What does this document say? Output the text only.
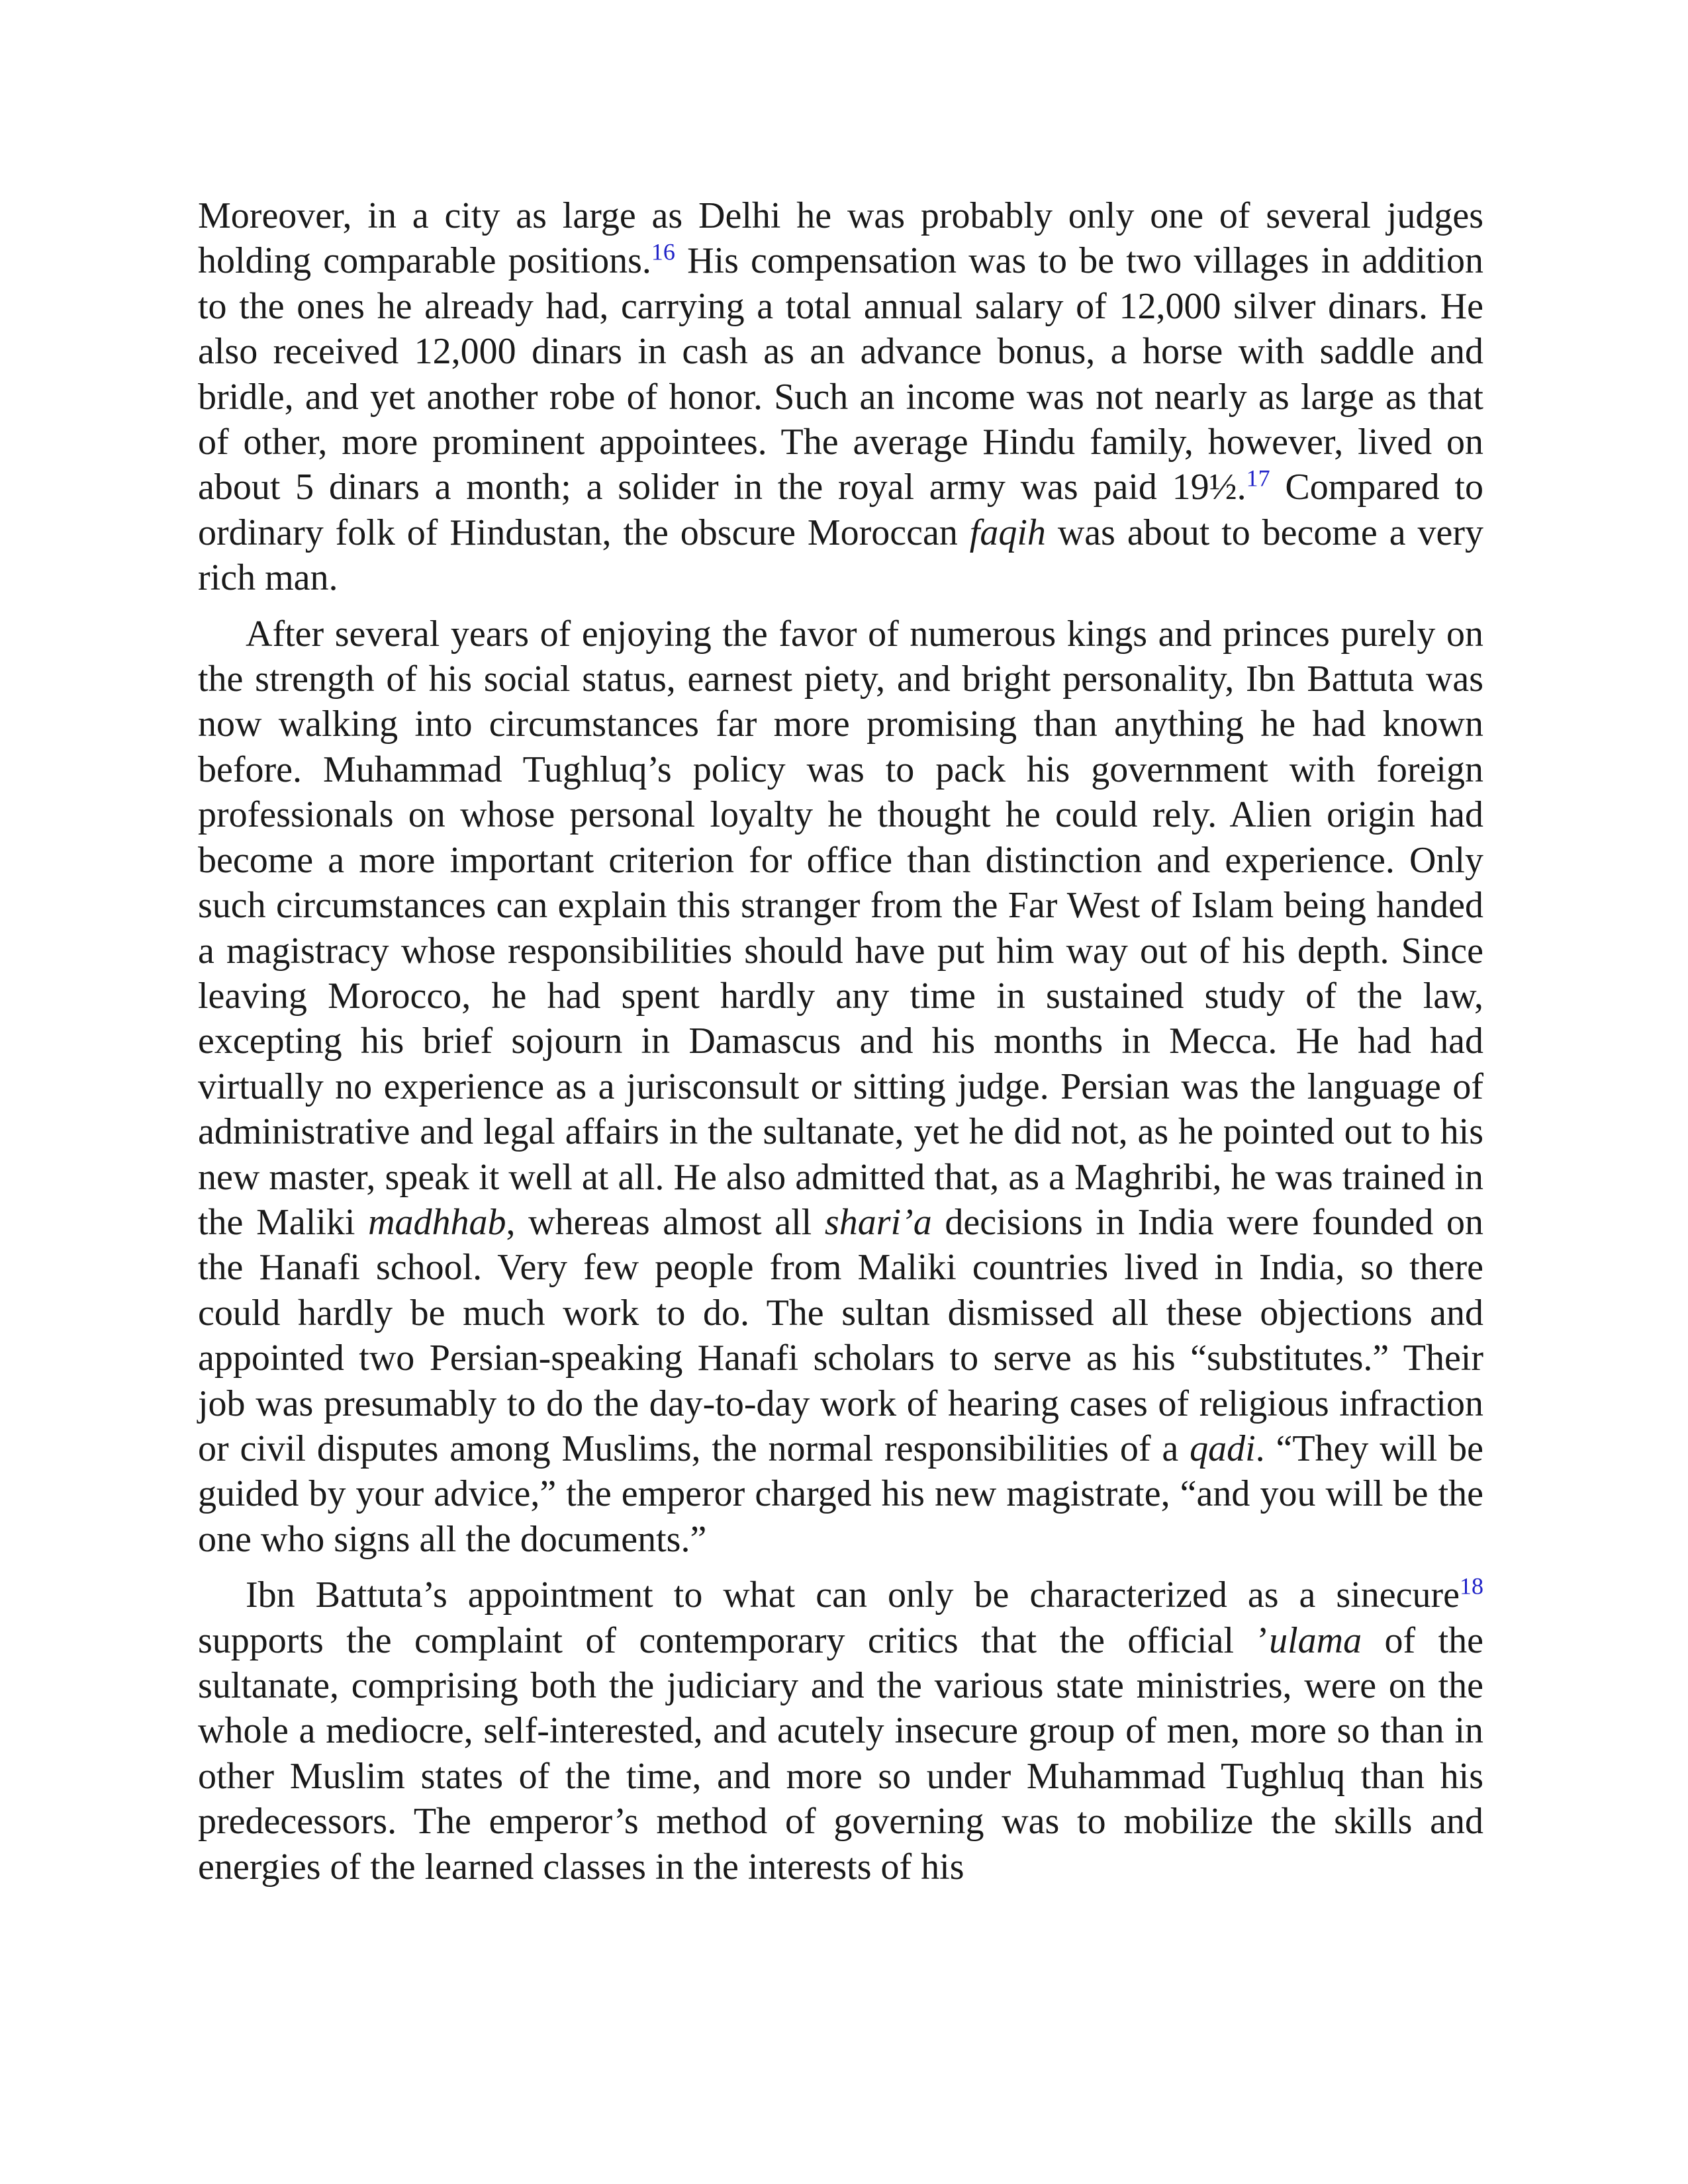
Moreover, in a city as large as Delhi he was probably only one of several judges holding comparable positions.$^{16}$ His compensation was to be two villages in addition to the ones he already had, carrying a total annual salary of 12,000 silver dinars. He also received 12,000 dinars in cash as an advance bonus, a horse with saddle and bridle, and yet another robe of honor. Such an income was not nearly as large as that of other, more prominent appointees. The average Hindu family, however, lived on about 5 dinars a month; a solider in the royal army was paid 19½.$^{17}$ Compared to ordinary folk of Hindustan, the obscure Moroccan faqih was about to become a very rich man.

After several years of enjoying the favor of numerous kings and princes purely on the strength of his social status, earnest piety, and bright personality, Ibn Battuta was now walking into circumstances far more promising than anything he had known before. Muhammad Tughluq’s policy was to pack his government with foreign professionals on whose personal loyalty he thought he could rely. Alien origin had become a more important criterion for office than distinction and experience. Only such circumstances can explain this stranger from the Far West of Islam being handed a magistracy whose responsibilities should have put him way out of his depth. Since leaving Morocco, he had spent hardly any time in sustained study of the law, excepting his brief sojourn in Damascus and his months in Mecca. He had had virtually no experience as a jurisconsult or sitting judge. Persian was the language of administrative and legal affairs in the sultanate, yet he did not, as he pointed out to his new master, speak it well at all. He also admitted that, as a Maghribi, he was trained in the Maliki madhhab, whereas almost all shari’a decisions in India were founded on the Hanafi school. Very few people from Maliki countries lived in India, so there could hardly be much work to do. The sultan dismissed all these objections and appointed two Persian-speaking Hanafi scholars to serve as his “substitutes.” Their job was presumably to do the day-to-day work of hearing cases of religious infraction or civil disputes among Muslims, the normal responsibilities of a qadi. “They will be guided by your advice,” the emperor charged his new magistrate, “and you will be the one who signs all the documents.”

Ibn Battuta’s appointment to what can only be characterized as a sinecure$^{18}$ supports the complaint of contemporary critics that the official ’ulama of the sultanate, comprising both the judiciary and the various state ministries, were on the whole a mediocre, self-interested, and acutely insecure group of men, more so than in other Muslim states of the time, and more so under Muhammad Tughluq than his predecessors. The emperor’s method of governing was to mobilize the skills and energies of the learned classes in the interests of his
